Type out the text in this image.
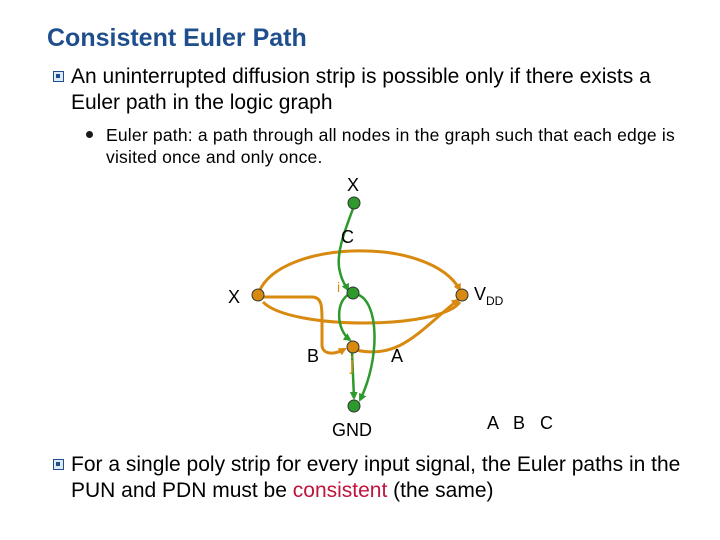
Consistent Euler Path
An uninterrupted diffusion strip is possible only if there exists a Euler path in the logic graph
Euler path: a path through all nodes in the graph such that each edge is visited once and only once.
X
C
X	$V_{DD}$
i
B j A
GND	A   B   C
For a single poly strip for every input signal, the Euler paths in the PUN and PDN must be consistent (the same)
